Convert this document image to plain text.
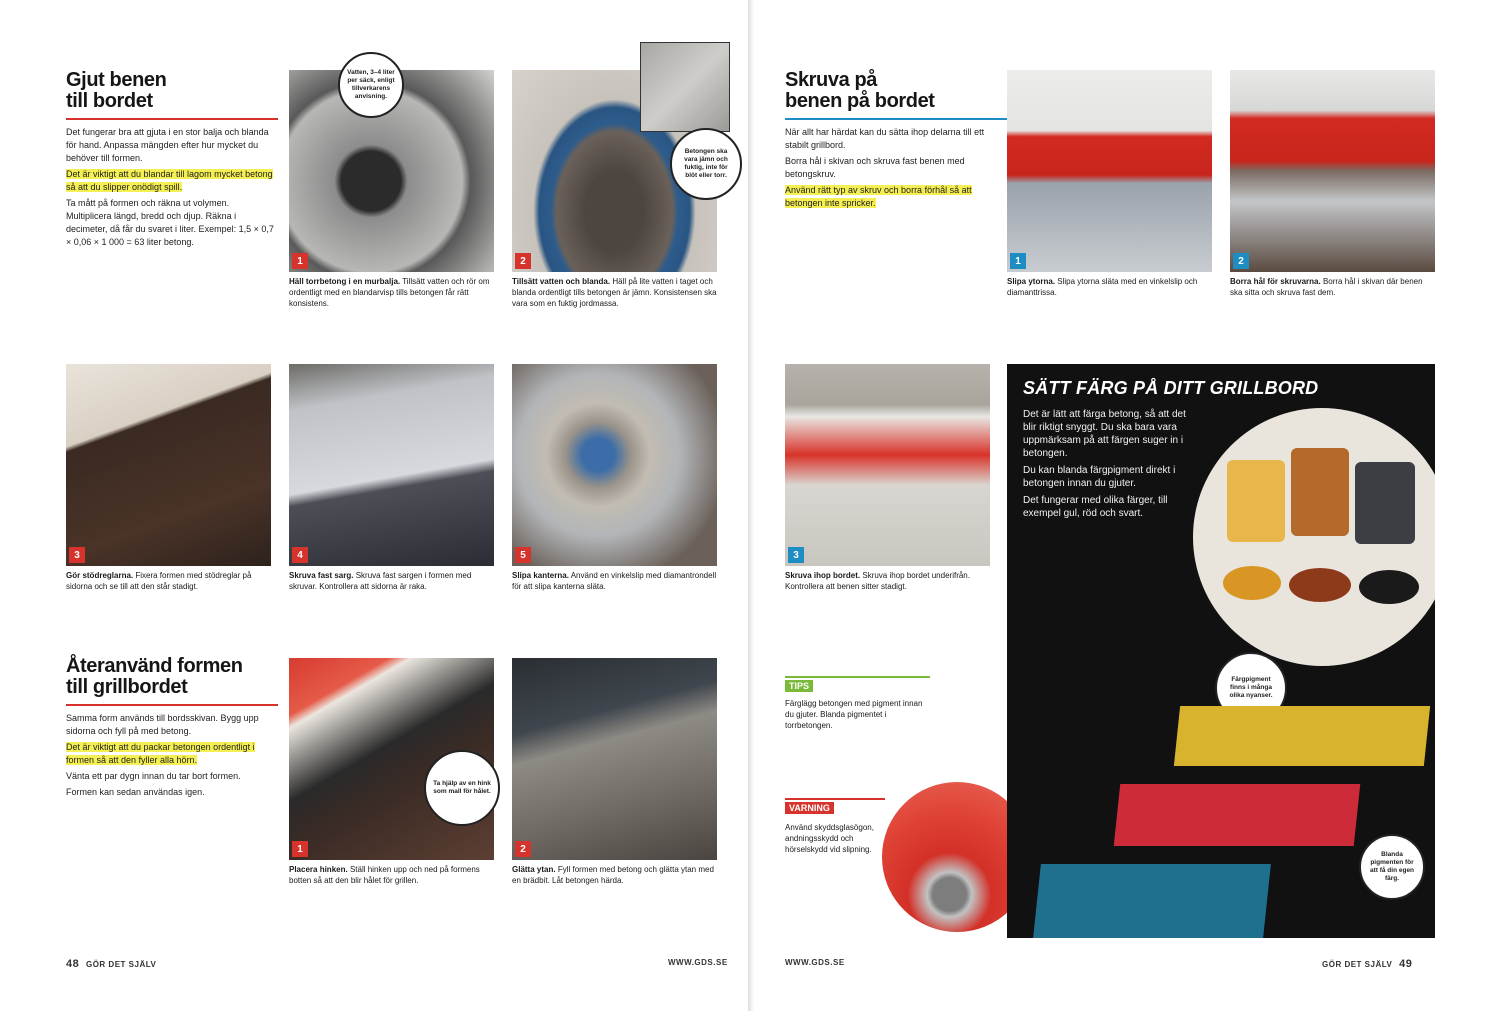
Gjut benen
till bordet

Det fungerar bra att gjuta i en stor balja och blanda för hand. Anpassa mängden efter hur mycket du behöver till formen.

Det är viktigt att du blandar till lagom mycket betong så att du slipper onödigt spill.

Ta mått på formen och räkna ut volymen. Multiplicera längd, bredd och djup. Räkna i decimeter, då får du svaret i liter. Exempel: 1,5 × 0,7 × 0,06 × 1 000 = 63 liter betong.

1
Vatten, 3–4 liter per säck, enligt tillverkarens anvisning.
Häll torrbetong i en murbalja. Tillsätt vatten och rör om ordentligt med en blandarvisp tills betongen får rätt konsistens.
2
Betongen ska vara jämn och fuktig, inte för blöt eller torr.
Tillsätt vatten och blanda. Häll på lite vatten i taget och blanda ordentligt tills betongen är jämn. Konsistensen ska vara som en fuktig jordmassa.
3
Gör stödreglarna. Fixera formen med stödreglar på sidorna och se till att den står stadigt.
4
Skruva fast sarg. Skruva fast sargen i formen med skruvar. Kontrollera att sidorna är raka.
5
Slipa kanterna. Använd en vinkelslip med diamantrondell för att slipa kanterna släta.
Återanvänd formen
till grillbordet

Samma form används till bordsskivan. Bygg upp sidorna och fyll på med betong.

Det är viktigt att du packar betongen ordentligt i formen så att den fyller alla hörn.

Vänta ett par dygn innan du tar bort formen.

Formen kan sedan användas igen.

1
Ta hjälp av en hink som mall för hålet.
Placera hinken. Ställ hinken upp och ned på formens botten så att den blir hålet för grillen.
2
Glätta ytan. Fyll formen med betong och glätta ytan med en brädbit. Låt betongen härda.
48 GÖR DET SJÄLV	WWW.GDS.SE
Skruva på
benen på bordet

När allt har härdat kan du sätta ihop delarna till ett stabilt grillbord.

Borra hål i skivan och skruva fast benen med betongskruv.

Använd rätt typ av skruv och borra förhål så att betongen inte spricker.

1
Slipa ytorna. Slipa ytorna släta med en vinkelslip och diamanttrissa.
2
Borra hål för skruvarna. Borra hål i skivan där benen ska sitta och skruva fast dem.
3
Skruva ihop bordet. Skruva ihop bordet underifrån. Kontrollera att benen sitter stadigt.
TIPS
Färglägg betongen med pigment innan du gjuter. Blanda pigmentet i torrbetongen.
VARNING
Använd skyddsglasögon, andningsskydd och hörselskydd vid slipning.
SÄTT FÄRG PÅ DITT GRILLBORD

Det är lätt att färga betong, så att det blir riktigt snyggt. Du ska bara vara uppmärksam på att färgen suger in i betongen.

Du kan blanda färgpigment direkt i betongen innan du gjuter.

Det fungerar med olika färger, till exempel gul, röd och svart.

Färgpigment finns i många olika nyanser.
Blanda pigmenten för att få din egen färg.
WWW.GDS.SE	GÖR DET SJÄLV 49
